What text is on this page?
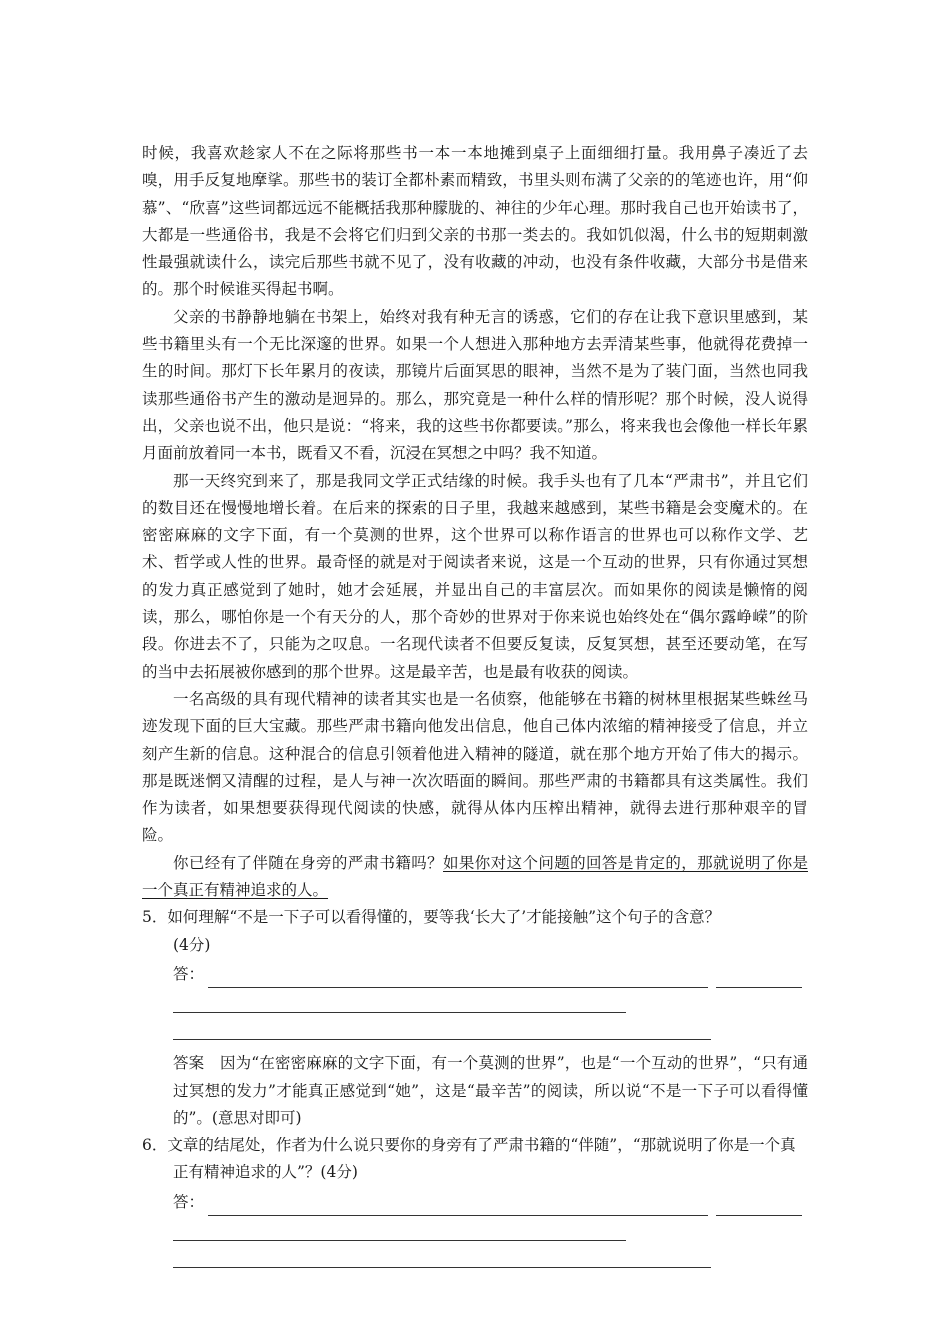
时候，我喜欢趁家人不在之际将那些书一本一本地摊到桌子上面细细打量。我用鼻子凑近了去嗅，用手反复地摩挲。那些书的装订全都朴素而精致，书里头则布满了父亲的的笔迹也许，用“仰慕”、“欣喜”这些词都远远不能概括我那种朦胧的、神往的少年心理。那时我自己也开始读书了，大都是一些通俗书，我是不会将它们归到父亲的书那一类去的。我如饥似渴，什么书的短期刺激性最强就读什么，读完后那些书就不见了，没有收藏的冲动，也没有条件收藏，大部分书是借来的。那个时候谁买得起书啊。

父亲的书静静地躺在书架上，始终对我有种无言的诱惑，它们的存在让我下意识里感到，某些书籍里头有一个无比深邃的世界。如果一个人想进入那种地方去弄清某些事，他就得花费掉一生的时间。那灯下长年累月的夜读，那镜片后面冥思的眼神，当然不是为了装门面，当然也同我读那些通俗书产生的激动是迥异的。那么，那究竟是一种什么样的情形呢？那个时候，没人说得出，父亲也说不出，他只是说：“将来，我的这些书你都要读。”那么，将来我也会像他一样长年累月面前放着同一本书，既看又不看，沉浸在冥想之中吗？我不知道。

那一天终究到来了，那是我同文学正式结缘的时候。我手头也有了几本“严肃书”，并且它们的数目还在慢慢地增长着。在后来的探索的日子里，我越来越感到，某些书籍是会变魔术的。在密密麻麻的文字下面，有一个莫测的世界，这个世界可以称作语言的世界也可以称作文学、艺术、哲学或人性的世界。最奇怪的就是对于阅读者来说，这是一个互动的世界，只有你通过冥想的发力真正感觉到了她时，她才会延展，并显出自己的丰富层次。而如果你的阅读是懒惰的阅读，那么，哪怕你是一个有天分的人，那个奇妙的世界对于你来说也始终处在“偶尔露峥嵘”的阶段。你进去不了，只能为之叹息。一名现代读者不但要反复读，反复冥想，甚至还要动笔，在写的当中去拓展被你感到的那个世界。这是最辛苦，也是最有收获的阅读。

一名高级的具有现代精神的读者其实也是一名侦察，他能够在书籍的树林里根据某些蛛丝马迹发现下面的巨大宝藏。那些严肃书籍向他发出信息，他自己体内浓缩的精神接受了信息，并立刻产生新的信息。这种混合的信息引领着他进入精神的隧道，就在那个地方开始了伟大的揭示。那是既迷惘又清醒的过程，是人与神一次次晤面的瞬间。那些严肃的书籍都具有这类属性。我们作为读者，如果想要获得现代阅读的快感，就得从体内压榨出精神，就得去进行那种艰辛的冒险。

你已经有了伴随在身旁的严肃书籍吗？如果你对这个问题的回答是肯定的，那就说明了你是一个真正有精神追求的人。

5．如何理解“不是一下子可以看得懂的，要等我‘长大了’才能接触”这个句子的含意？

(4分)

答：

答案　因为“在密密麻麻的文字下面，有一个莫测的世界”，也是“一个互动的世界”，“只有通过冥想的发力”才能真正感觉到“她”，这是“最辛苦”的阅读，所以说“不是一下子可以看得懂的”。(意思对即可)

6．文章的结尾处，作者为什么说只要你的身旁有了严肃书籍的“伴随”，“那就说明了你是一个真正有精神追求的人”？(4分)

答：
